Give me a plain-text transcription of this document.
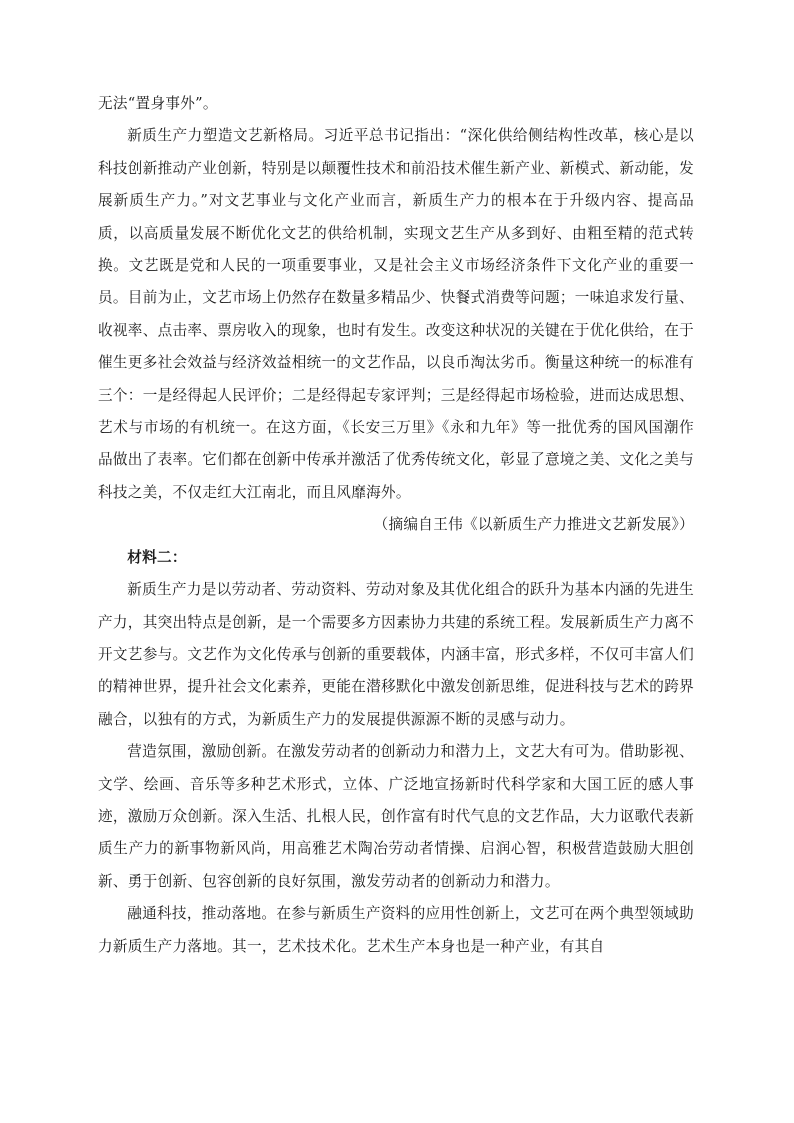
无法“置身事外”。

新质生产力塑造文艺新格局。习近平总书记指出：“深化供给侧结构性改革，核心是以科技创新推动产业创新，特别是以颠覆性技术和前沿技术催生新产业、新模式、新动能，发展新质生产力。”对文艺事业与文化产业而言，新质生产力的根本在于升级内容、提高品质，以高质量发展不断优化文艺的供给机制，实现文艺生产从多到好、由粗至精的范式转换。文艺既是党和人民的一项重要事业，又是社会主义市场经济条件下文化产业的重要一员。目前为止，文艺市场上仍然存在数量多精品少、快餐式消费等问题；一味追求发行量、收视率、点击率、票房收入的现象，也时有发生。改变这种状况的关键在于优化供给，在于催生更多社会效益与经济效益相统一的文艺作品，以良币淘汰劣币。衡量这种统一的标准有三个：一是经得起人民评价；二是经得起专家评判；三是经得起市场检验，进而达成思想、艺术与市场的有机统一。在这方面，《长安三万里》《永和九年》等一批优秀的国风国潮作品做出了表率。它们都在创新中传承并激活了优秀传统文化，彰显了意境之美、文化之美与科技之美，不仅走红大江南北，而且风靡海外。

（摘编自王伟《以新质生产力推进文艺新发展》）

材料二：

新质生产力是以劳动者、劳动资料、劳动对象及其优化组合的跃升为基本内涵的先进生产力，其突出特点是创新，是一个需要多方因素协力共建的系统工程。发展新质生产力离不开文艺参与。文艺作为文化传承与创新的重要载体，内涵丰富，形式多样，不仅可丰富人们的精神世界，提升社会文化素养，更能在潜移默化中激发创新思维，促进科技与艺术的跨界融合，以独有的方式，为新质生产力的发展提供源源不断的灵感与动力。

营造氛围，激励创新。在激发劳动者的创新动力和潜力上，文艺大有可为。借助影视、文学、绘画、音乐等多种艺术形式，立体、广泛地宣扬新时代科学家和大国工匠的感人事迹，激励万众创新。深入生活、扎根人民，创作富有时代气息的文艺作品，大力讴歌代表新质生产力的新事物新风尚，用高雅艺术陶冶劳动者情操、启润心智，积极营造鼓励大胆创新、勇于创新、包容创新的良好氛围，激发劳动者的创新动力和潜力。

融通科技，推动落地。在参与新质生产资料的应用性创新上，文艺可在两个典型领域助力新质生产力落地。其一，艺术技术化。艺术生产本身也是一种产业，有其自
